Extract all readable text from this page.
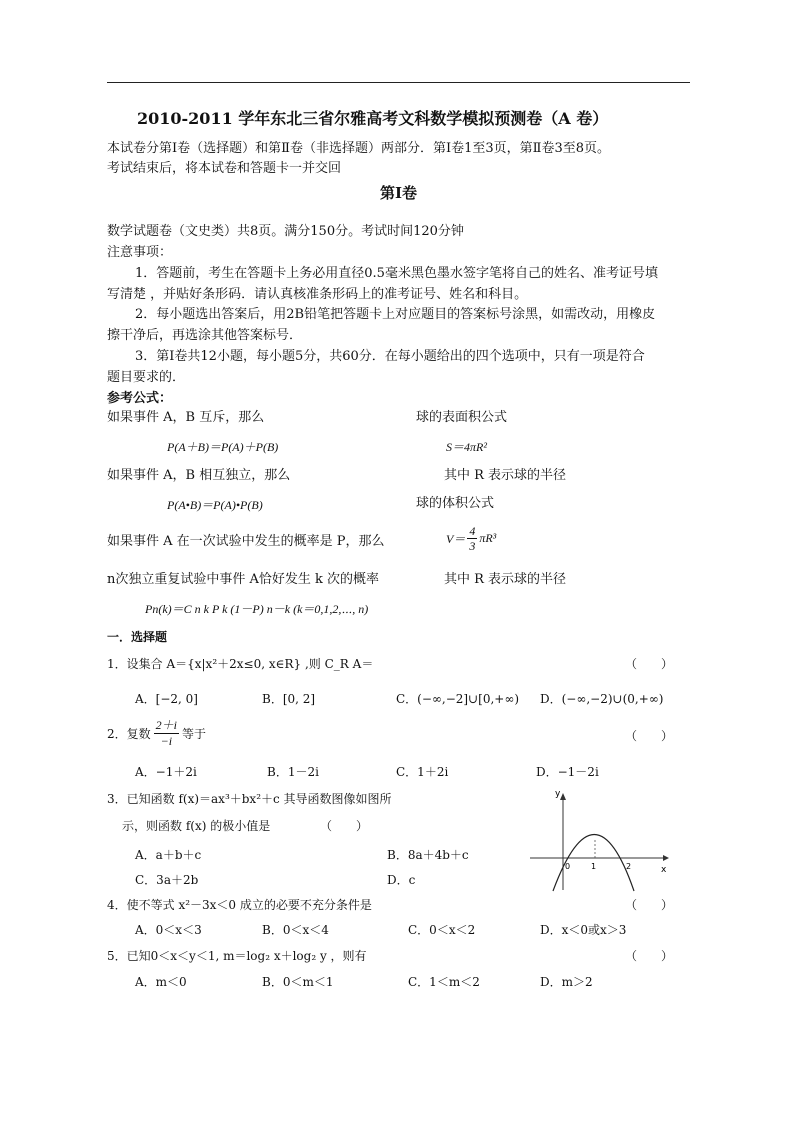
2010-2011 学年东北三省尔雅高考文科数学模拟预测卷（A 卷）
本试卷分第Ⅰ卷（选择题）和第Ⅱ卷（非选择题）两部分．第Ⅰ卷1至3页，第Ⅱ卷3至8页。
考试结束后，将本试卷和答题卡一并交回
第Ⅰ卷
数学试题卷（文史类）共8页。满分150分。考试时间120分钟
注意事项：
1．答题前，考生在答题卡上务必用直径0.5毫米黑色墨水签字笔将自己的姓名、准考证号填
写清楚 ，并贴好条形码．请认真核准条形码上的准考证号、姓名和科目。
2．每小题选出答案后，用2B铅笔把答题卡上对应题目的答案标号涂黑，如需改动，用橡皮
擦干净后，再选涂其他答案标号．
3．第Ⅰ卷共12小题，每小题5分，共60分．在每小题给出的四个选项中，只有一项是符合
题目要求的．
参考公式：
如果事件 A，B 互斥，那么
P(A＋B)＝P(A)＋P(B)
如果事件 A，B 相互独立，那么
P(A•B)＝P(A)•P(B)
如果事件 A 在一次试验中发生的概率是 P，那么
n次独立重复试验中事件 A恰好发生 k 次的概率
Pn(k)＝C n k P k (1－P) n－k (k＝0,1,2,⋯, n)
球的表面积公式
S＝4πR²
其中 R 表示球的半径
球的体积公式
$V= \frac{4}{3} \pi R^3$
其中 R 表示球的半径
一．选择题
1．设集合 A＝{x|x²＋2x≤0, x∈R} ,则 C_R A＝	（　　）
A．[−2, 0]	B．[0, 2]	C．(−∞,−2]∪[0,+∞) D．(−∞,−2)∪(0,+∞)
2．复数 $\frac{2+i}{-i}$ 等于	（　　）
A．−1＋2i	B．1－2i	C．1＋2i	D．−1－2i
3．已知函数 f(x)＝ax³＋bx²＋c 其导函数图像如图所
示，则函数 f(x) 的极小值是	（　　）
A．a＋b＋c	B．8a＋4b＋c
C．3a＋2b	D．c
y
x
0	1	2
4．使不等式 x²－3x＜0 成立的必要不充分条件是	（　　）
A．0＜x＜3	B．0＜x＜4	C．0＜x＜2	D．x＜0或x＞3
5．已知0＜x＜y＜1, m＝log₂ x＋log₂ y ，则有	（　　）
A．m＜0	B．0＜m＜1	C．1＜m＜2	D．m＞2
